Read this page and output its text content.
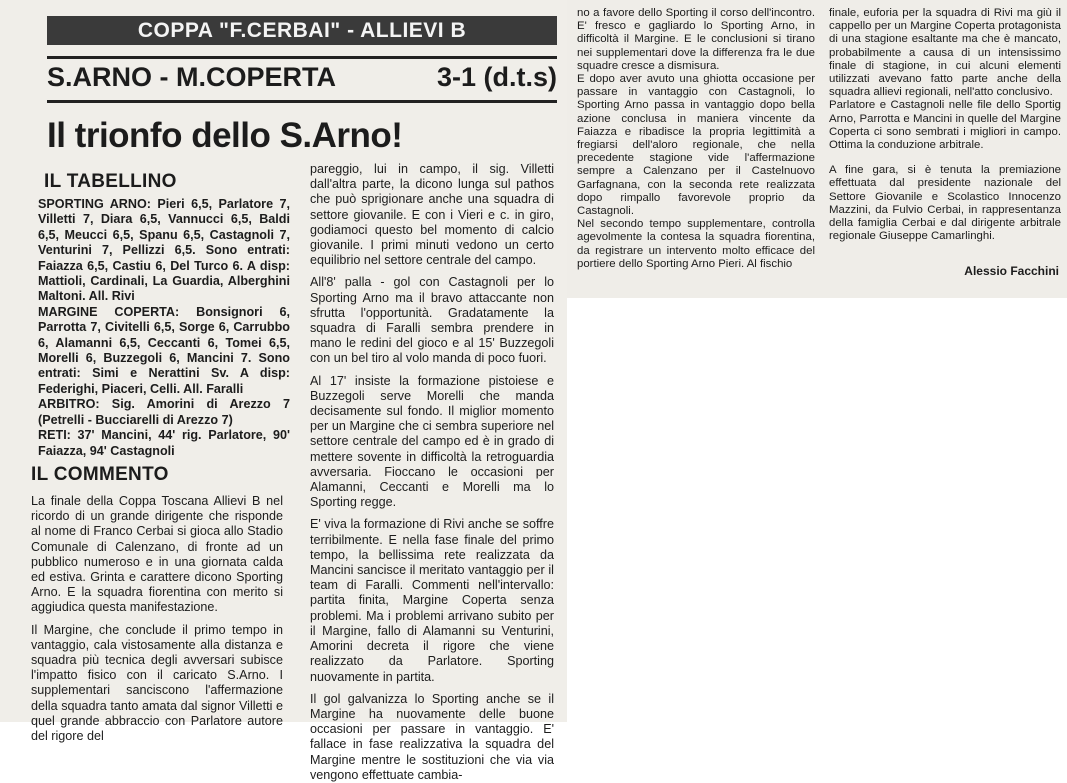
COPPA "F.CERBAI" - ALLIEVI B
S.ARNO - M.COPERTA	3-1 (d.t.s)
Il trionfo dello S.Arno!
IL TABELLINO

SPORTING ARNO: Pieri 6,5, Parlatore 7, Villetti 7, Diara 6,5, Vannucci 6,5, Baldi 6,5, Meucci 6,5, Spanu 6,5, Castagnoli 7, Venturini 7, Pellizzi 6,5. Sono entrati: Faiazza 6,5, Castiu 6, Del Turco 6. A disp: Mattioli, Cardinali, La Guardia, Alberghini Maltoni. All. Rivi

MARGINE COPERTA: Bonsignori 6, Parrotta 7, Civitelli 6,5, Sorge 6, Carrubbo 6, Alamanni 6,5, Ceccanti 6, Tomei 6,5, Morelli 6, Buzzegoli 6, Mancini 7. Sono entrati: Simi e Nerattini Sv. A disp: Federighi, Piaceri, Celli. All. Faralli

ARBITRO: Sig. Amorini di Arezzo 7 (Petrelli - Bucciarelli di Arezzo 7)

RETI: 37' Mancini, 44' rig. Parlatore, 90' Faiazza, 94' Castagnoli

IL COMMENTO

La finale della Coppa Toscana Allievi B nel ricordo di un grande dirigente che risponde al nome di Franco Cerbai si gioca allo Stadio Comunale di Calenzano, di fronte ad un pubblico numeroso e in una giornata calda ed estiva. Grinta e carattere dicono Sporting Arno. E la squadra fiorentina con merito si aggiudica questa manifestazione.

Il Margine, che conclude il primo tempo in vantaggio, cala vistosamente alla distanza e squadra più tecnica degli avversari subisce l'impatto fisico con il caricato S.Arno. I supplementari sanciscono l'affermazione della squadra tanto amata dal signor Villetti e quel grande abbraccio con Parlatore autore del rigore del

pareggio, lui in campo, il sig. Villetti dall'altra parte, la dicono lunga sul pathos che può sprigionare anche una squadra di settore giovanile. E con i Vieri e c. in giro, godiamoci questo bel momento di calcio giovanile. I primi minuti vedono un certo equilibrio nel settore centrale del campo.

All'8' palla - gol con Castagnoli per lo Sporting Arno ma il bravo attaccante non sfrutta l'opportunità. Gradatamente la squadra di Faralli sembra prendere in mano le redini del gioco e al 15' Buzzegoli con un bel tiro al volo manda di poco fuori.

Al 17' insiste la formazione pistoiese e Buzzegoli serve Morelli che manda decisamente sul fondo. Il miglior momento per un Margine che ci sembra superiore nel settore centrale del campo ed è in grado di mettere sovente in difficoltà la retroguardia avversaria. Fioccano le occasioni per Alamanni, Ceccanti e Morelli ma lo Sporting regge.

E' viva la formazione di Rivi anche se soffre terribilmente. E nella fase finale del primo tempo, la bellissima rete realizzata da Mancini sancisce il meritato vantaggio per il team di Faralli. Commenti nell'intervallo: partita finita, Margine Coperta senza problemi. Ma i problemi arrivano subito per il Margine, fallo di Alamanni su Venturini, Amorini decreta il rigore che viene realizzato da Parlatore. Sporting nuovamente in partita.

Il gol galvanizza lo Sporting anche se il Margine ha nuovamente delle buone occasioni per passare in vantaggio. E' fallace in fase realizzativa la squadra del Margine mentre le sostituzioni che via via vengono effettuate cambia-

no a favore dello Sporting il corso dell'incontro. E' fresco e gagliardo lo Sporting Arno, in difficoltà il Margine. E le conclusioni si tirano nei supplementari dove la differenza fra le due squadre cresce a dismisura.

E dopo aver avuto una ghiotta occasione per passare in vantaggio con Castagnoli, lo Sporting Arno passa in vantaggio dopo bella azione conclusa in maniera vincente da Faiazza e ribadisce la propria legittimità a fregiarsi dell'aloro regionale, che nella precedente stagione vide l'affermazione sempre a Calenzano per il Castelnuovo Garfagnana, con la seconda rete realizzata dopo rimpallo favorevole proprio da Castagnoli.

Nel secondo tempo supplementare, controlla agevolmente la contesa la squadra fiorentina, da registrare un intervento molto efficace del portiere dello Sporting Arno Pieri. Al fischio

finale, euforia per la squadra di Rivi ma giù il cappello per un Margine Coperta protagonista di una stagione esaltante ma che è mancato, probabilmente a causa di un intensissimo finale di stagione, in cui alcuni elementi utilizzati avevano fatto parte anche della squadra allievi regionali, nell'atto conclusivo.

Parlatore e Castagnoli nelle file dello Sportig Arno, Parrotta e Mancini in quelle del Margine Coperta ci sono sembrati i migliori in campo. Ottima la conduzione arbitrale.

A fine gara, si è tenuta la premiazione effettuata dal presidente nazionale del Settore Giovanile e Scolastico Innocenzo Mazzini, da Fulvio Cerbai, in rappresentanza della famiglia Cerbai e dal dirigente arbitrale regionale Giuseppe Camarlinghi.

Alessio Facchini
